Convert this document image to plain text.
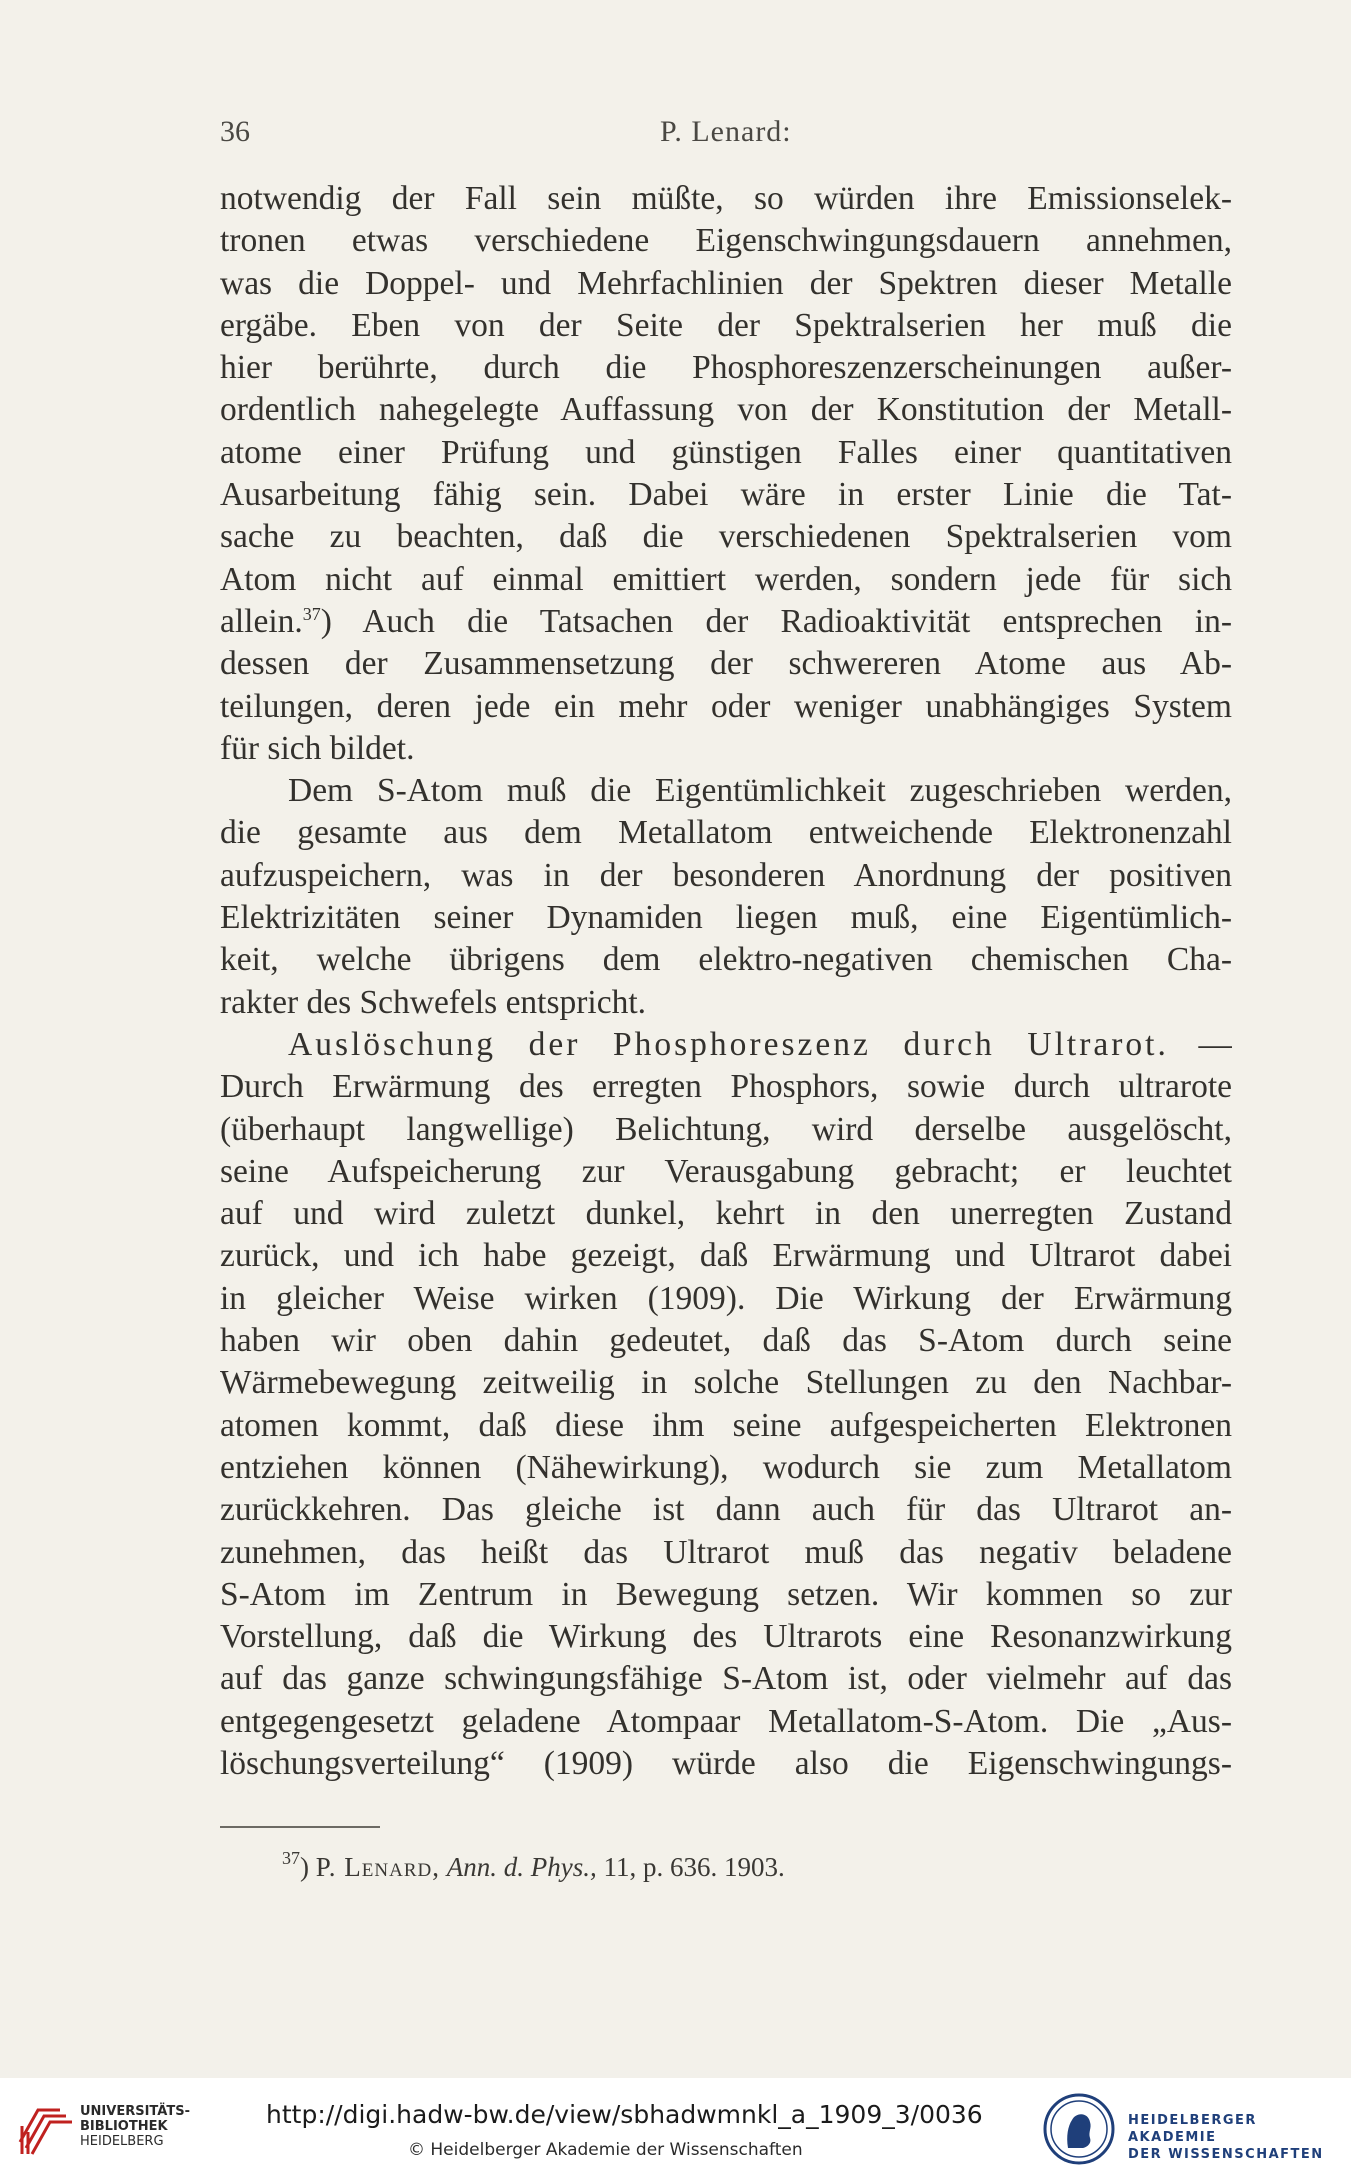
36	P. Lenard:

notwendig der Fall sein müßte, so würden ihre Emissionselek-
tronen etwas verschiedene Eigenschwingungsdauern annehmen,
was die Doppel- und Mehrfachlinien der Spektren dieser Metalle
ergäbe. Eben von der Seite der Spektralserien her muß die
hier berührte, durch die Phosphoreszenzerscheinungen außer-
ordentlich nahegelegte Auffassung von der Konstitution der Metall-
atome einer Prüfung und günstigen Falles einer quantitativen
Ausarbeitung fähig sein. Dabei wäre in erster Linie die Tat-
sache zu beachten, daß die verschiedenen Spektralserien vom
Atom nicht auf einmal emittiert werden, sondern jede für sich
allein.$^{37}$) Auch die Tatsachen der Radioaktivität entsprechen in-
dessen der Zusammensetzung der schwereren Atome aus Ab-
teilungen, deren jede ein mehr oder weniger unabhängiges System
für sich bildet.

Dem S-Atom muß die Eigentümlichkeit zugeschrieben werden,
die gesamte aus dem Metallatom entweichende Elektronenzahl
aufzuspeichern, was in der besonderen Anordnung der positiven
Elektrizitäten seiner Dynamiden liegen muß, eine Eigentümlich-
keit, welche übrigens dem elektro-negativen chemischen Cha-
rakter des Schwefels entspricht.

Auslöschung der Phosphoreszenz durch Ultrarot. —
Durch Erwärmung des erregten Phosphors, sowie durch ultrarote
(überhaupt langwellige) Belichtung, wird derselbe ausgelöscht,
seine Aufspeicherung zur Verausgabung gebracht; er leuchtet
auf und wird zuletzt dunkel, kehrt in den unerregten Zustand
zurück, und ich habe gezeigt, daß Erwärmung und Ultrarot dabei
in gleicher Weise wirken (1909). Die Wirkung der Erwärmung
haben wir oben dahin gedeutet, daß das S-Atom durch seine
Wärmebewegung zeitweilig in solche Stellungen zu den Nachbar-
atomen kommt, daß diese ihm seine aufgespeicherten Elektronen
entziehen können (Nähewirkung), wodurch sie zum Metallatom
zurückkehren. Das gleiche ist dann auch für das Ultrarot an-
zunehmen, das heißt das Ultrarot muß das negativ beladene
S-Atom im Zentrum in Bewegung setzen. Wir kommen so zur
Vorstellung, daß die Wirkung des Ultrarots eine Resonanzwirkung
auf das ganze schwingungsfähige S-Atom ist, oder vielmehr auf das
entgegengesetzt geladene Atompaar Metallatom-S-Atom. Die „Aus-
löschungsverteilung“ (1909) würde also die Eigenschwingungs-

$^{37}$) P. Lenard, Ann. d. Phys., 11, p. 636. 1903.
UNIVERSITÄTS-
BIBLIOTHEK
HEIDELBERG
http://digi.hadw-bw.de/view/sbhadwmnkl_a_1909_3/0036
© Heidelberger Akademie der Wissenschaften
HEIDELBERGER AKADEMIE
DER WISSENSCHAFTEN
